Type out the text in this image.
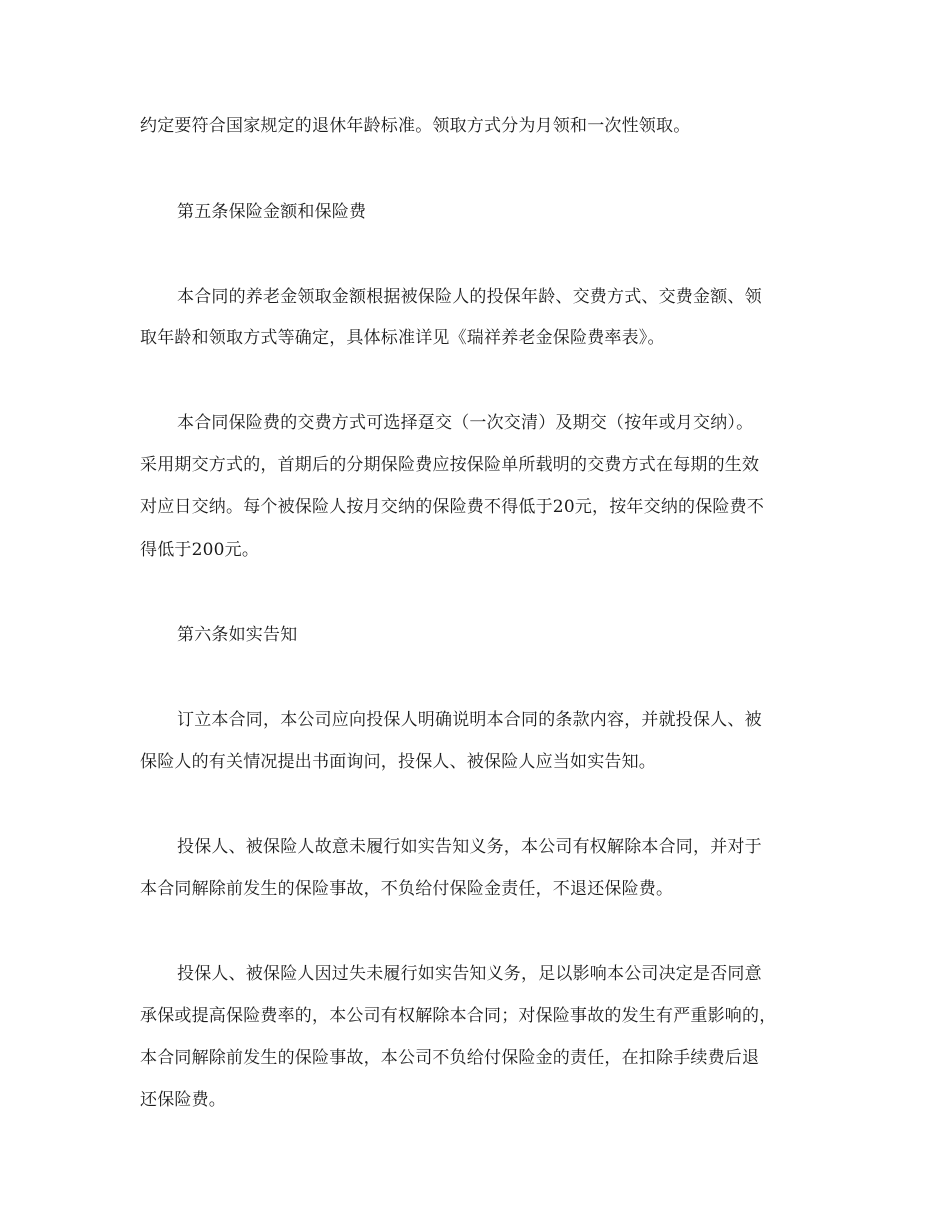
约定要符合国家规定的退休年龄标准。领取方式分为月领和一次性领取。
第五条保险金额和保险费
本合同的养老金领取金额根据被保险人的投保年龄、交费方式、交费金额、领
取年龄和领取方式等确定，具体标准详见《瑞祥养老金保险费率表》。
本合同保险费的交费方式可选择趸交（一次交清）及期交（按年或月交纳）。
采用期交方式的，首期后的分期保险费应按保险单所载明的交费方式在每期的生效
对应日交纳。每个被保险人按月交纳的保险费不得低于20元，按年交纳的保险费不
得低于200元。
第六条如实告知
订立本合同，本公司应向投保人明确说明本合同的条款内容，并就投保人、被
保险人的有关情况提出书面询问，投保人、被保险人应当如实告知。
投保人、被保险人故意未履行如实告知义务，本公司有权解除本合同，并对于
本合同解除前发生的保险事故，不负给付保险金责任，不退还保险费。
投保人、被保险人因过失未履行如实告知义务，足以影响本公司决定是否同意
承保或提高保险费率的，本公司有权解除本合同；对保险事故的发生有严重影响的，
本合同解除前发生的保险事故，本公司不负给付保险金的责任，在扣除手续费后退
还保险费。
